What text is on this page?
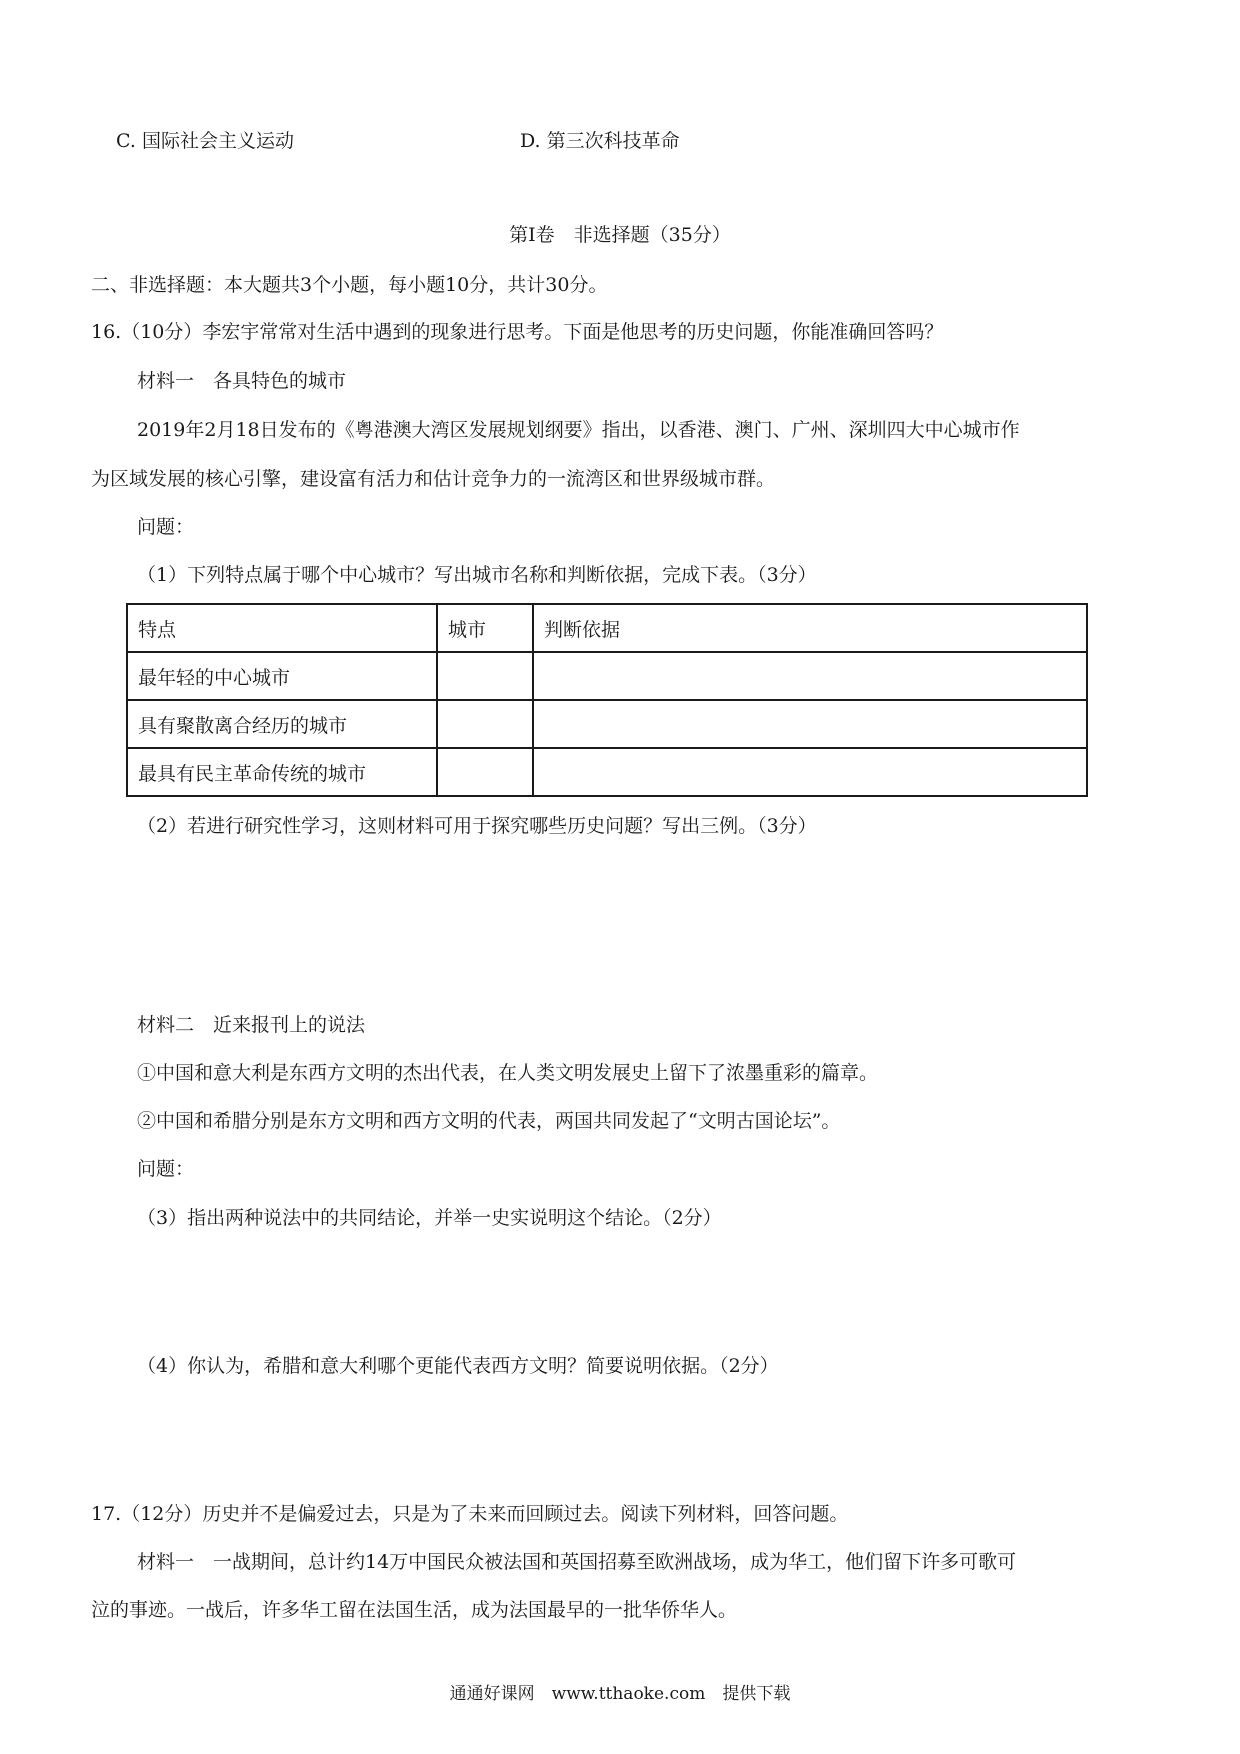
C. 国际社会主义运动	D. 第三次科技革命
第Ⅰ卷　非选择题（35分）
二、非选择题：本大题共3个小题，每小题10分，共计30分。
16.（10分）李宏宇常常对生活中遇到的现象进行思考。下面是他思考的历史问题，你能准确回答吗？
材料一　各具特色的城市
2019年2月18日发布的《粤港澳大湾区发展规划纲要》指出，以香港、澳门、广州、深圳四大中心城市作
为区域发展的核心引擎，建设富有活力和估计竞争力的一流湾区和世界级城市群。
问题：
（1）下列特点属于哪个中心城市？写出城市名称和判断依据，完成下表。（3分）
特点	城市	判断依据
最年轻的中心城市		
具有聚散离合经历的城市		
最具有民主革命传统的城市		
（2）若进行研究性学习，这则材料可用于探究哪些历史问题？写出三例。（3分）
材料二　近来报刊上的说法
①中国和意大利是东西方文明的杰出代表，在人类文明发展史上留下了浓墨重彩的篇章。
②中国和希腊分别是东方文明和西方文明的代表，两国共同发起了“文明古国论坛”。
问题：
（3）指出两种说法中的共同结论，并举一史实说明这个结论。（2分）
（4）你认为，希腊和意大利哪个更能代表西方文明？简要说明依据。（2分）
17.（12分）历史并不是偏爱过去，只是为了未来而回顾过去。阅读下列材料，回答问题。
材料一　一战期间，总计约14万中国民众被法国和英国招募至欧洲战场，成为华工，他们留下许多可歌可
泣的事迹。一战后，许多华工留在法国生活，成为法国最早的一批华侨华人。
通通好课网　www.tthaoke.com　提供下载
